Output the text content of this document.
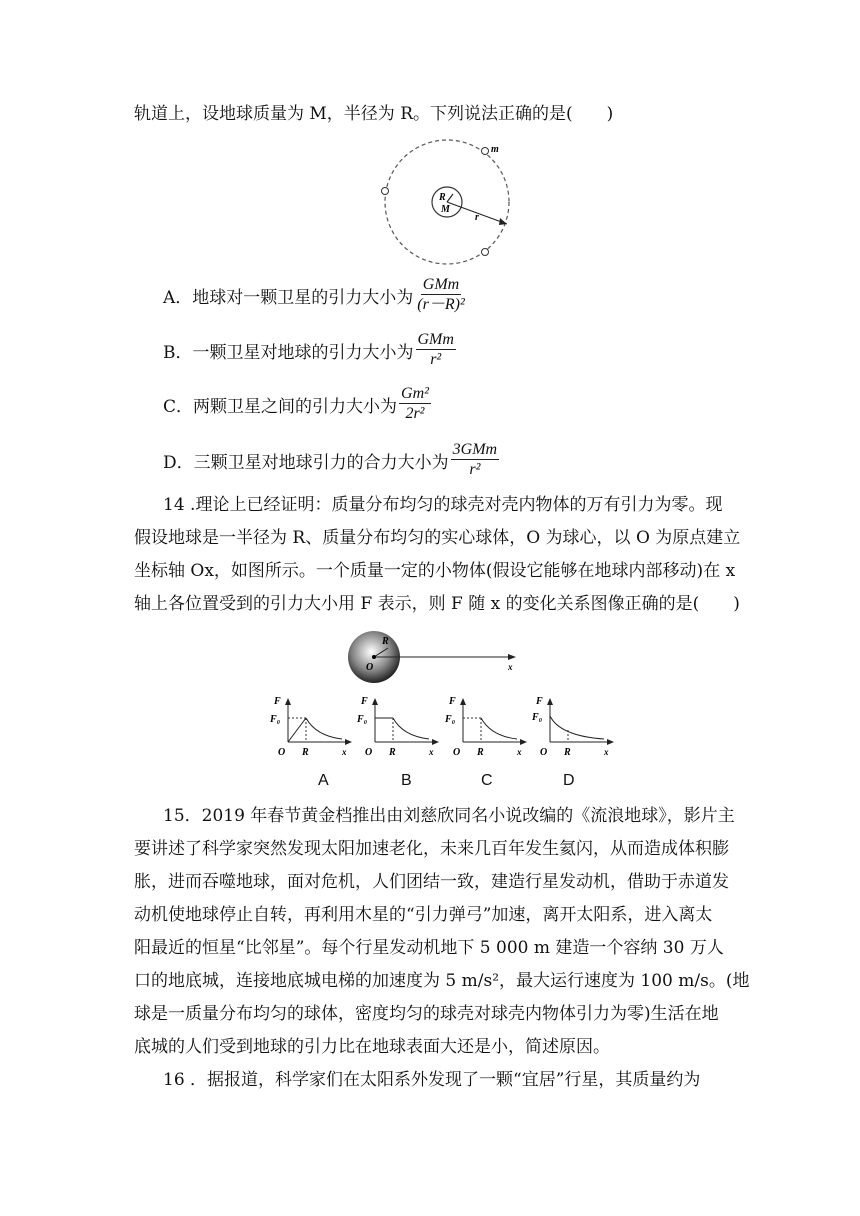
轨道上，设地球质量为 M，半径为 R。下列说法正确的是(　　)
m
R
M
r
A．地球对一颗卫星的引力大小为 $\frac{\text{GMm}}{\text{(r－R)²}}$
B．一颗卫星对地球的引力大小为 $\frac{\text{GMm}}{\text{r²}}$
C．两颗卫星之间的引力大小为 $\frac{\text{Gm²}}{\text{2r²}}$
D．三颗卫星对地球引力的合力大小为 $\frac{\text{3GMm}}{\text{r²}}$
14 .理论上已经证明：质量分布均匀的球壳对壳内物体的万有引力为零。现
假设地球是一半径为 R、质量分布均匀的实心球体，O 为球心，以 O 为原点建立
坐标轴 Ox，如图所示。一个质量一定的小物体(假设它能够在地球内部移动)在 x
轴上各位置受到的引力大小用 F 表示，则 F 随 x 的变化关系图像正确的是(　　)
R
O	x
F
F₀
O R	x
F
F₀
O R	x
F
F₀
O R	x
F
F₀
O R	x
A	B	C	D
15．2019 年春节黄金档推出由刘慈欣同名小说改编的《流浪地球》，影片主
要讲述了科学家突然发现太阳加速老化，未来几百年发生氦闪，从而造成体积膨
胀，进而吞噬地球，面对危机，人们团结一致，建造行星发动机，借助于赤道发
动机使地球停止自转，再利用木星的“引力弹弓”加速，离开太阳系，进入离太
阳最近的恒星“比邻星”。每个行星发动机地下 5 000 m 建造一个容纳 30 万人
口的地底城，连接地底城电梯的加速度为 5 m/s²，最大运行速度为 100 m/s。(地
球是一质量分布均匀的球体，密度均匀的球壳对球壳内物体引力为零)生活在地
底城的人们受到地球的引力比在地球表面大还是小，简述原因。
16 ．据报道，科学家们在太阳系外发现了一颗“宜居”行星，其质量约为
